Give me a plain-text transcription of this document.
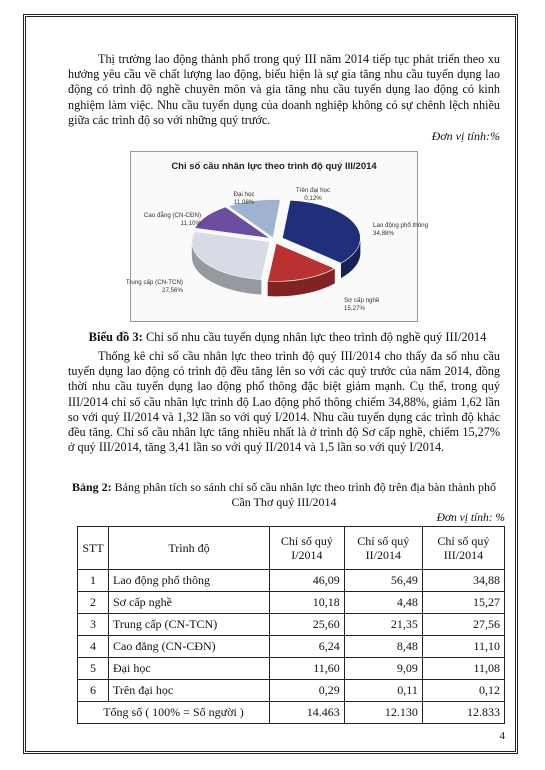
Thị trường lao động thành phố trong quý III năm 2014 tiếp tục phát triển theo xu hướng yêu cầu về chất lượng lao động, biểu hiện là sự gia tăng nhu cầu tuyển dụng lao động có trình độ nghề chuyên môn và gia tăng nhu cầu tuyển dụng lao động có kinh nghiệm làm việc. Nhu cầu tuyển dụng của doanh nghiệp không có sự chênh lệch nhiều giữa các trình độ so với những quý trước.

Đơn vị tính:%
Chỉ số cầu nhân lực theo trình độ quý III/2014
Lao động phổ thông
34,88%
Sơ cấp nghề
15,27%
Trung cấp (CN-TCN)
27,56%
Cao đẳng (CN-CĐN)
11,10%
Đại học
11,08%
Trên đại học
0,12%
Biểu đồ 3: Chỉ số nhu cầu tuyển dụng nhân lực theo trình độ nghề quý III/2014

Thống kê chỉ số cầu nhân lực theo trình độ quý III/2014 cho thấy đa số nhu cầu tuyển dụng lao động có trình độ đều tăng lên so với các quý trước của năm 2014, đồng thời nhu cầu tuyển dụng lao động phổ thông đặc biệt giảm mạnh. Cụ thể, trong quý III/2014 chỉ số cầu nhân lực trình độ Lao động phổ thông chiếm 34,88%, giảm 1,62 lần so với quý II/2014 và 1,32 lần so với quý I/2014. Nhu cầu tuyển dụng các trình độ khác đều tăng. Chỉ số cầu nhân lực tăng nhiều nhất là ở trình độ Sơ cấp nghề, chiếm 15,27% ở quý III/2014, tăng 3,41 lần so với quý II/2014 và 1,5 lần so với quý I/2014.

Bảng 2: Bảng phân tích so sánh chỉ số cầu nhân lực theo trình độ trên địa bàn thành phố Cần Thơ quý III/2014
Đơn vị tính: %
STT	Trình độ	Chỉ số quý I/2014	Chỉ số quý II/2014	Chỉ số quý III/2014
1	Lao động phổ thông	46,09	56,49	34,88
2	Sơ cấp nghề	10,18	4,48	15,27
3	Trung cấp (CN-TCN)	25,60	21,35	27,56
4	Cao đẳng (CN-CĐN)	6,24	8,48	11,10
5	Đại học	11,60	9,09	11,08
6	Trên đại học	0,29	0,11	0,12
Tổng số ( 100% = Số người )		14.463	12.130	12.833
4
